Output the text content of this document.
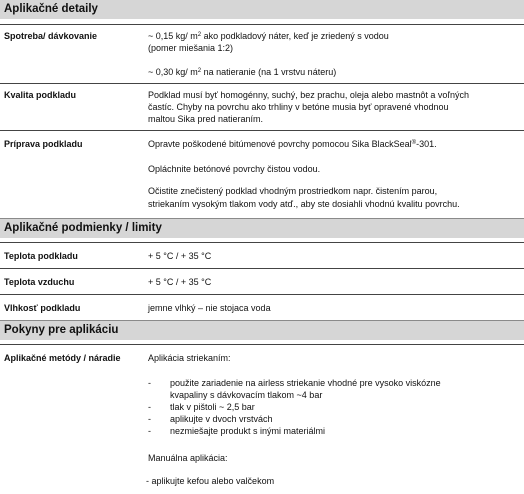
Aplikačné detaily
Spotreba/ dávkovanie	~ 0,15 kg/ $m^2$ ako podkladový náter, keď je zriedený s vodou
(pomer miešania 1:2)
~ 0,30 kg/ $m^2$ na natieranie (na 1 vrstvu náteru)
Kvalita podkladu	Podklad musí byť homogénny, suchý, bez prachu, oleja alebo mastnôt a voľných
častíc. Chyby na povrchu ako trhliny v betóne musia byť opravené vhodnou
maltou Sika pred natieraním.
Príprava podkladu	Opravte poškodené bitúmenové povrchy pomocou Sika BlackSeal®-301.
Opláchnite betónové povrchy čistou vodou.
Očistite znečistený podklad vhodným prostriedkom napr. čistením parou,
striekaním vysokým tlakom vody atď., aby ste dosiahli vhodnú kvalitu povrchu.
Aplikačné podmienky / limity
Teplota podkladu	+ 5 °C / + 35 °C
Teplota vzduchu	+ 5 °C / + 35 °C
Vlhkosť podkladu	jemne vlhký – nie stojaca voda
Pokyny pre aplikáciu
Aplikačné metódy / náradie	Aplikácia striekaním:
- použite zariadenie na airless striekanie vhodné pre vysoko viskózne
kvapaliny s dávkovacím tlakom ~4 bar
- tlak v pištoli ~ 2,5 bar
- aplikujte v dvoch vrstvách
- nezmiešajte produkt s inými materiálmi
Manuálna aplikácia:
- aplikujte kefou alebo valčekom
